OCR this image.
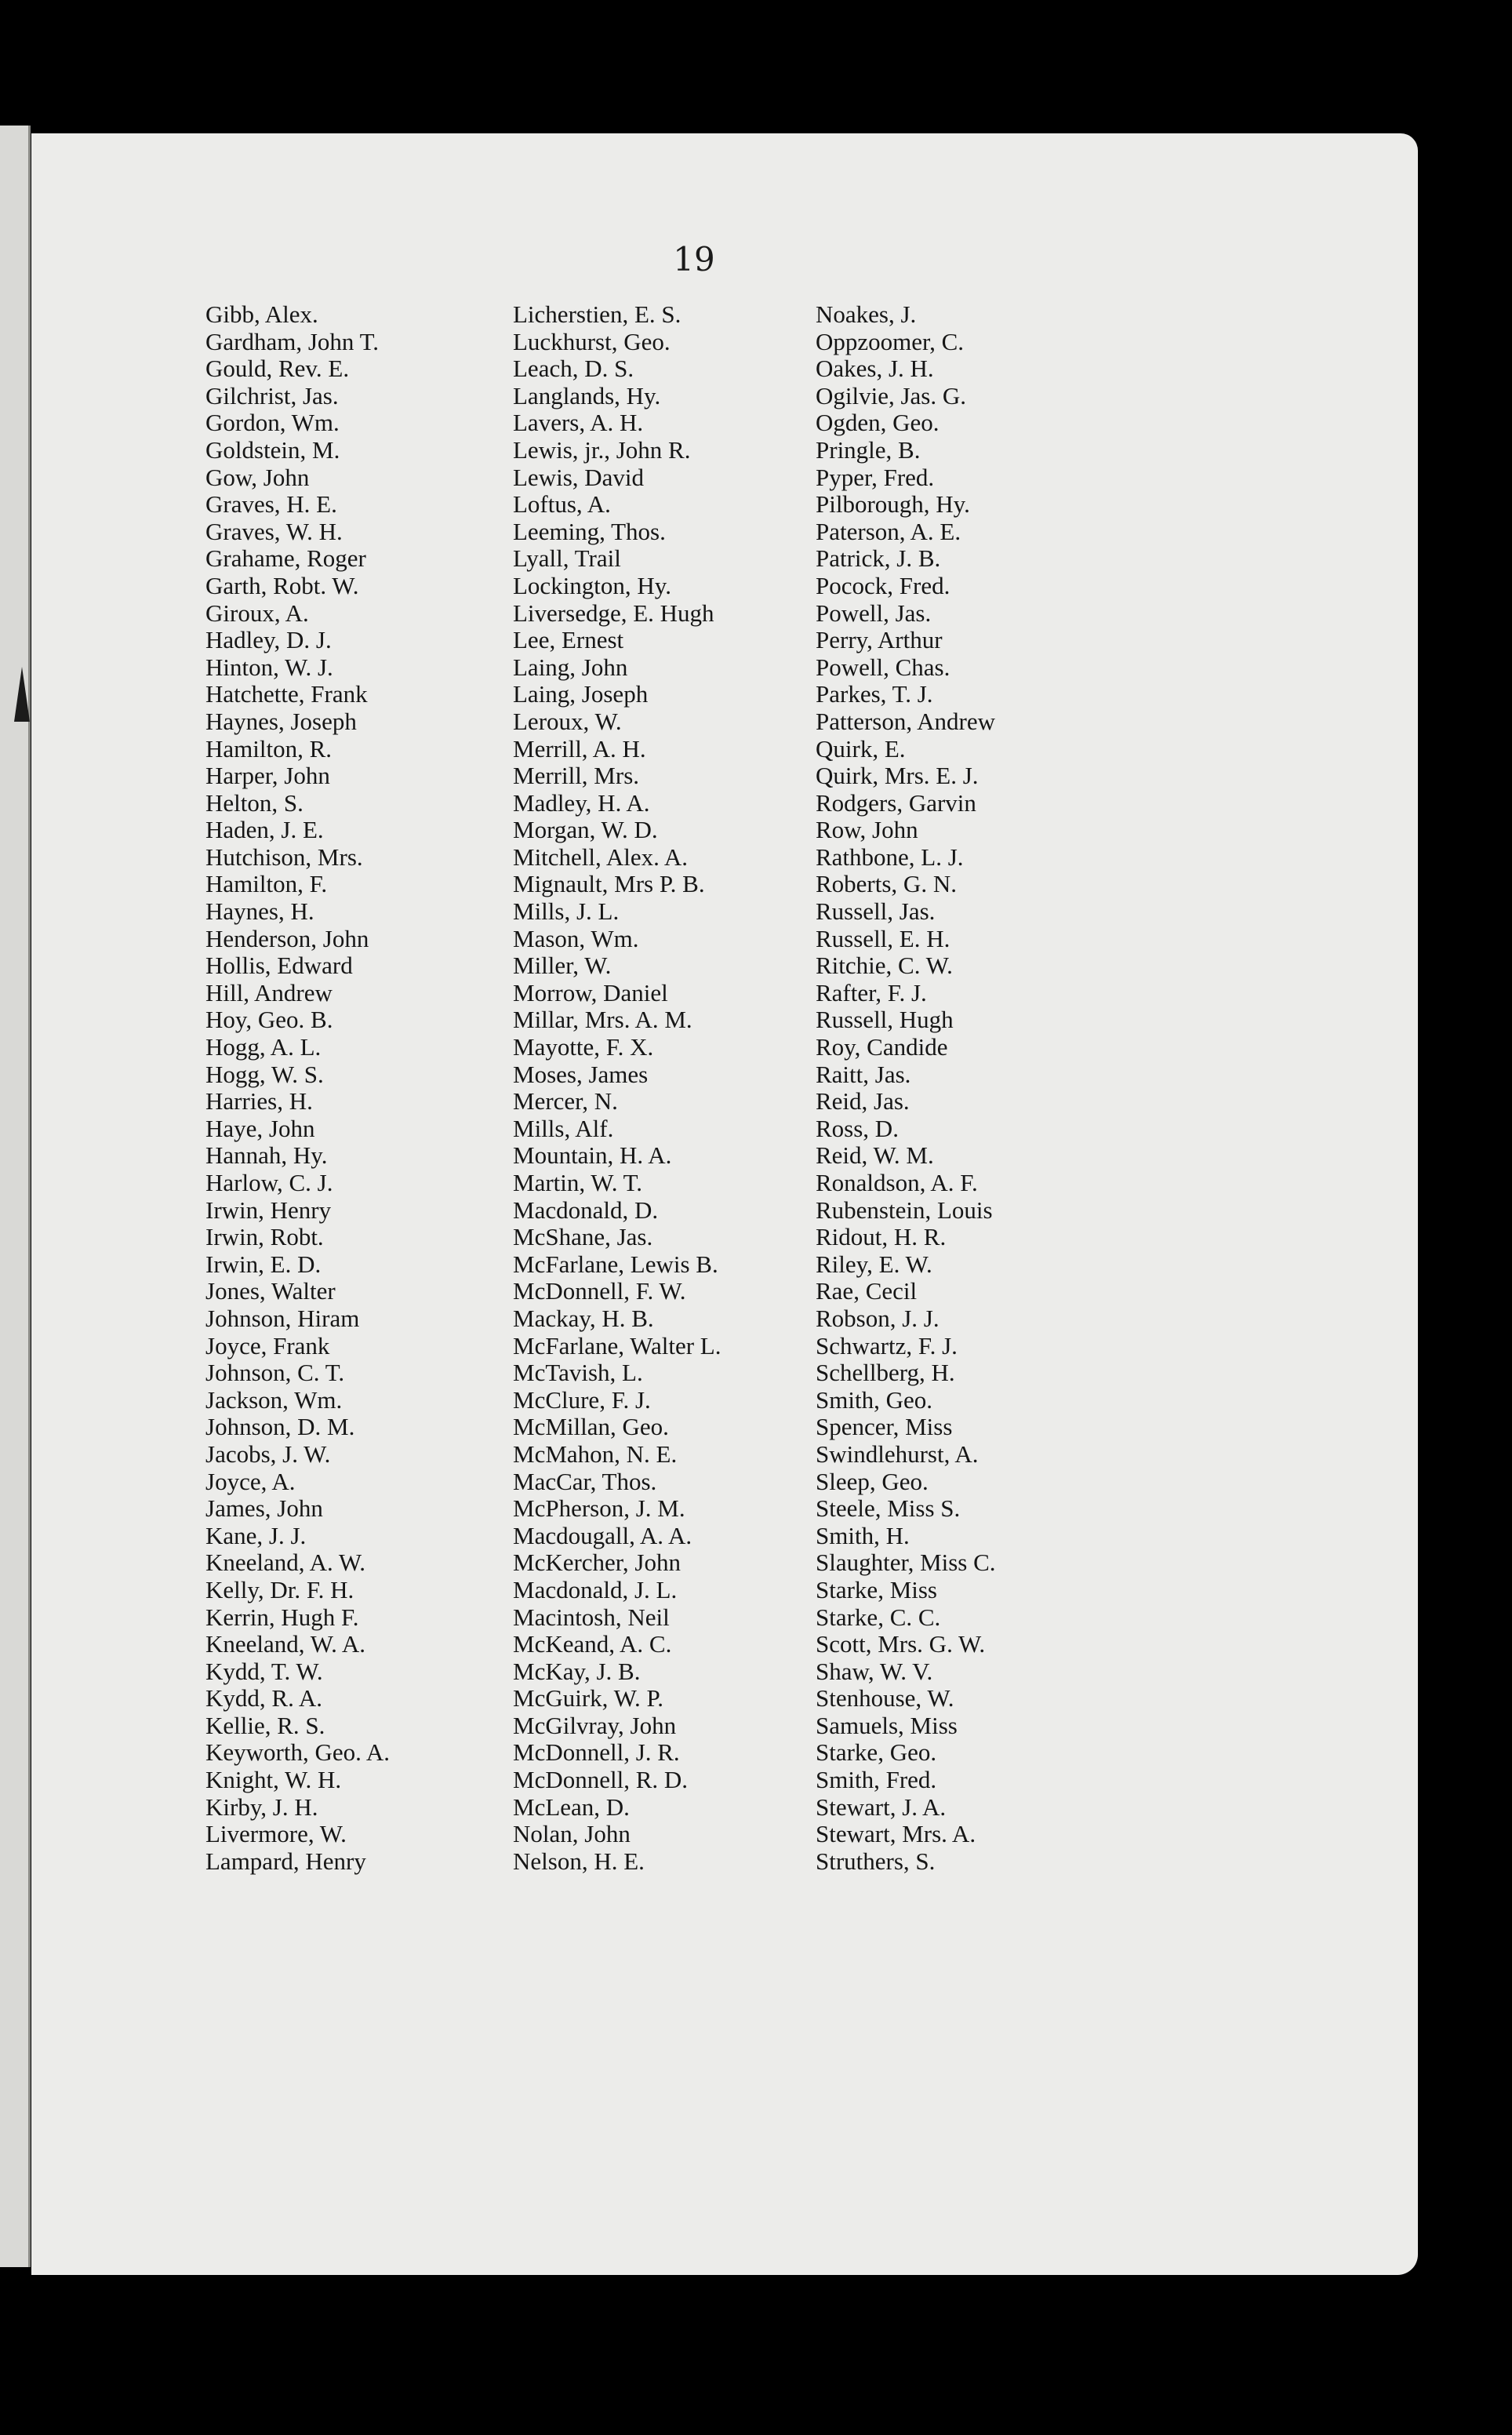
19
Gibb, Alex.
Gardham, John T.
Gould, Rev. E.
Gilchrist, Jas.
Gordon, Wm.
Goldstein, M.
Gow, John
Graves, H. E.
Graves, W. H.
Grahame, Roger
Garth, Robt. W.
Giroux, A.
Hadley, D. J.
Hinton, W. J.
Hatchette, Frank
Haynes, Joseph
Hamilton, R.
Harper, John
Helton, S.
Haden, J. E.
Hutchison, Mrs.
Hamilton, F.
Haynes, H.
Henderson, John
Hollis, Edward
Hill, Andrew
Hoy, Geo. B.
Hogg, A. L.
Hogg, W. S.
Harries, H.
Haye, John
Hannah, Hy.
Harlow, C. J.
Irwin, Henry
Irwin, Robt.
Irwin, E. D.
Jones, Walter
Johnson, Hiram
Joyce, Frank
Johnson, C. T.
Jackson, Wm.
Johnson, D. M.
Jacobs, J. W.
Joyce, A.
James, John
Kane, J. J.
Kneeland, A. W.
Kelly, Dr. F. H.
Kerrin, Hugh F.
Kneeland, W. A.
Kydd, T. W.
Kydd, R. A.
Kellie, R. S.
Keyworth, Geo. A.
Knight, W. H.
Kirby, J. H.
Livermore, W.
Lampard, Henry
Licherstien, E. S.
Luckhurst, Geo.
Leach, D. S.
Langlands, Hy.
Lavers, A. H.
Lewis, jr., John R.
Lewis, David
Loftus, A.
Leeming, Thos.
Lyall, Trail
Lockington, Hy.
Liversedge, E. Hugh
Lee, Ernest
Laing, John
Laing, Joseph
Leroux, W.
Merrill, A. H.
Merrill, Mrs.
Madley, H. A.
Morgan, W. D.
Mitchell, Alex. A.
Mignault, Mrs P. B.
Mills, J. L.
Mason, Wm.
Miller, W.
Morrow, Daniel
Millar, Mrs. A. M.
Mayotte, F. X.
Moses, James
Mercer, N.
Mills, Alf.
Mountain, H. A.
Martin, W. T.
Macdonald, D.
McShane, Jas.
McFarlane, Lewis B.
McDonnell, F. W.
Mackay, H. B.
McFarlane, Walter L.
McTavish, L.
McClure, F. J.
McMillan, Geo.
McMahon, N. E.
MacCar, Thos.
McPherson, J. M.
Macdougall, A. A.
McKercher, John
Macdonald, J. L.
Macintosh, Neil
McKeand, A. C.
McKay, J. B.
McGuirk, W. P.
McGilvray, John
McDonnell, J. R.
McDonnell, R. D.
McLean, D.
Nolan, John
Nelson, H. E.
Noakes, J.
Oppzoomer, C.
Oakes, J. H.
Ogilvie, Jas. G.
Ogden, Geo.
Pringle, B.
Pyper, Fred.
Pilborough, Hy.
Paterson, A. E.
Patrick, J. B.
Pocock, Fred.
Powell, Jas.
Perry, Arthur
Powell, Chas.
Parkes, T. J.
Patterson, Andrew
Quirk, E.
Quirk, Mrs. E. J.
Rodgers, Garvin
Row, John
Rathbone, L. J.
Roberts, G. N.
Russell, Jas.
Russell, E. H.
Ritchie, C. W.
Rafter, F. J.
Russell, Hugh
Roy, Candide
Raitt, Jas.
Reid, Jas.
Ross, D.
Reid, W. M.
Ronaldson, A. F.
Rubenstein, Louis
Ridout, H. R.
Riley, E. W.
Rae, Cecil
Robson, J. J.
Schwartz, F. J.
Schellberg, H.
Smith, Geo.
Spencer, Miss
Swindlehurst, A.
Sleep, Geo.
Steele, Miss S.
Smith, H.
Slaughter, Miss C.
Starke, Miss
Starke, C. C.
Scott, Mrs. G. W.
Shaw, W. V.
Stenhouse, W.
Samuels, Miss
Starke, Geo.
Smith, Fred.
Stewart, J. A.
Stewart, Mrs. A.
Struthers, S.
